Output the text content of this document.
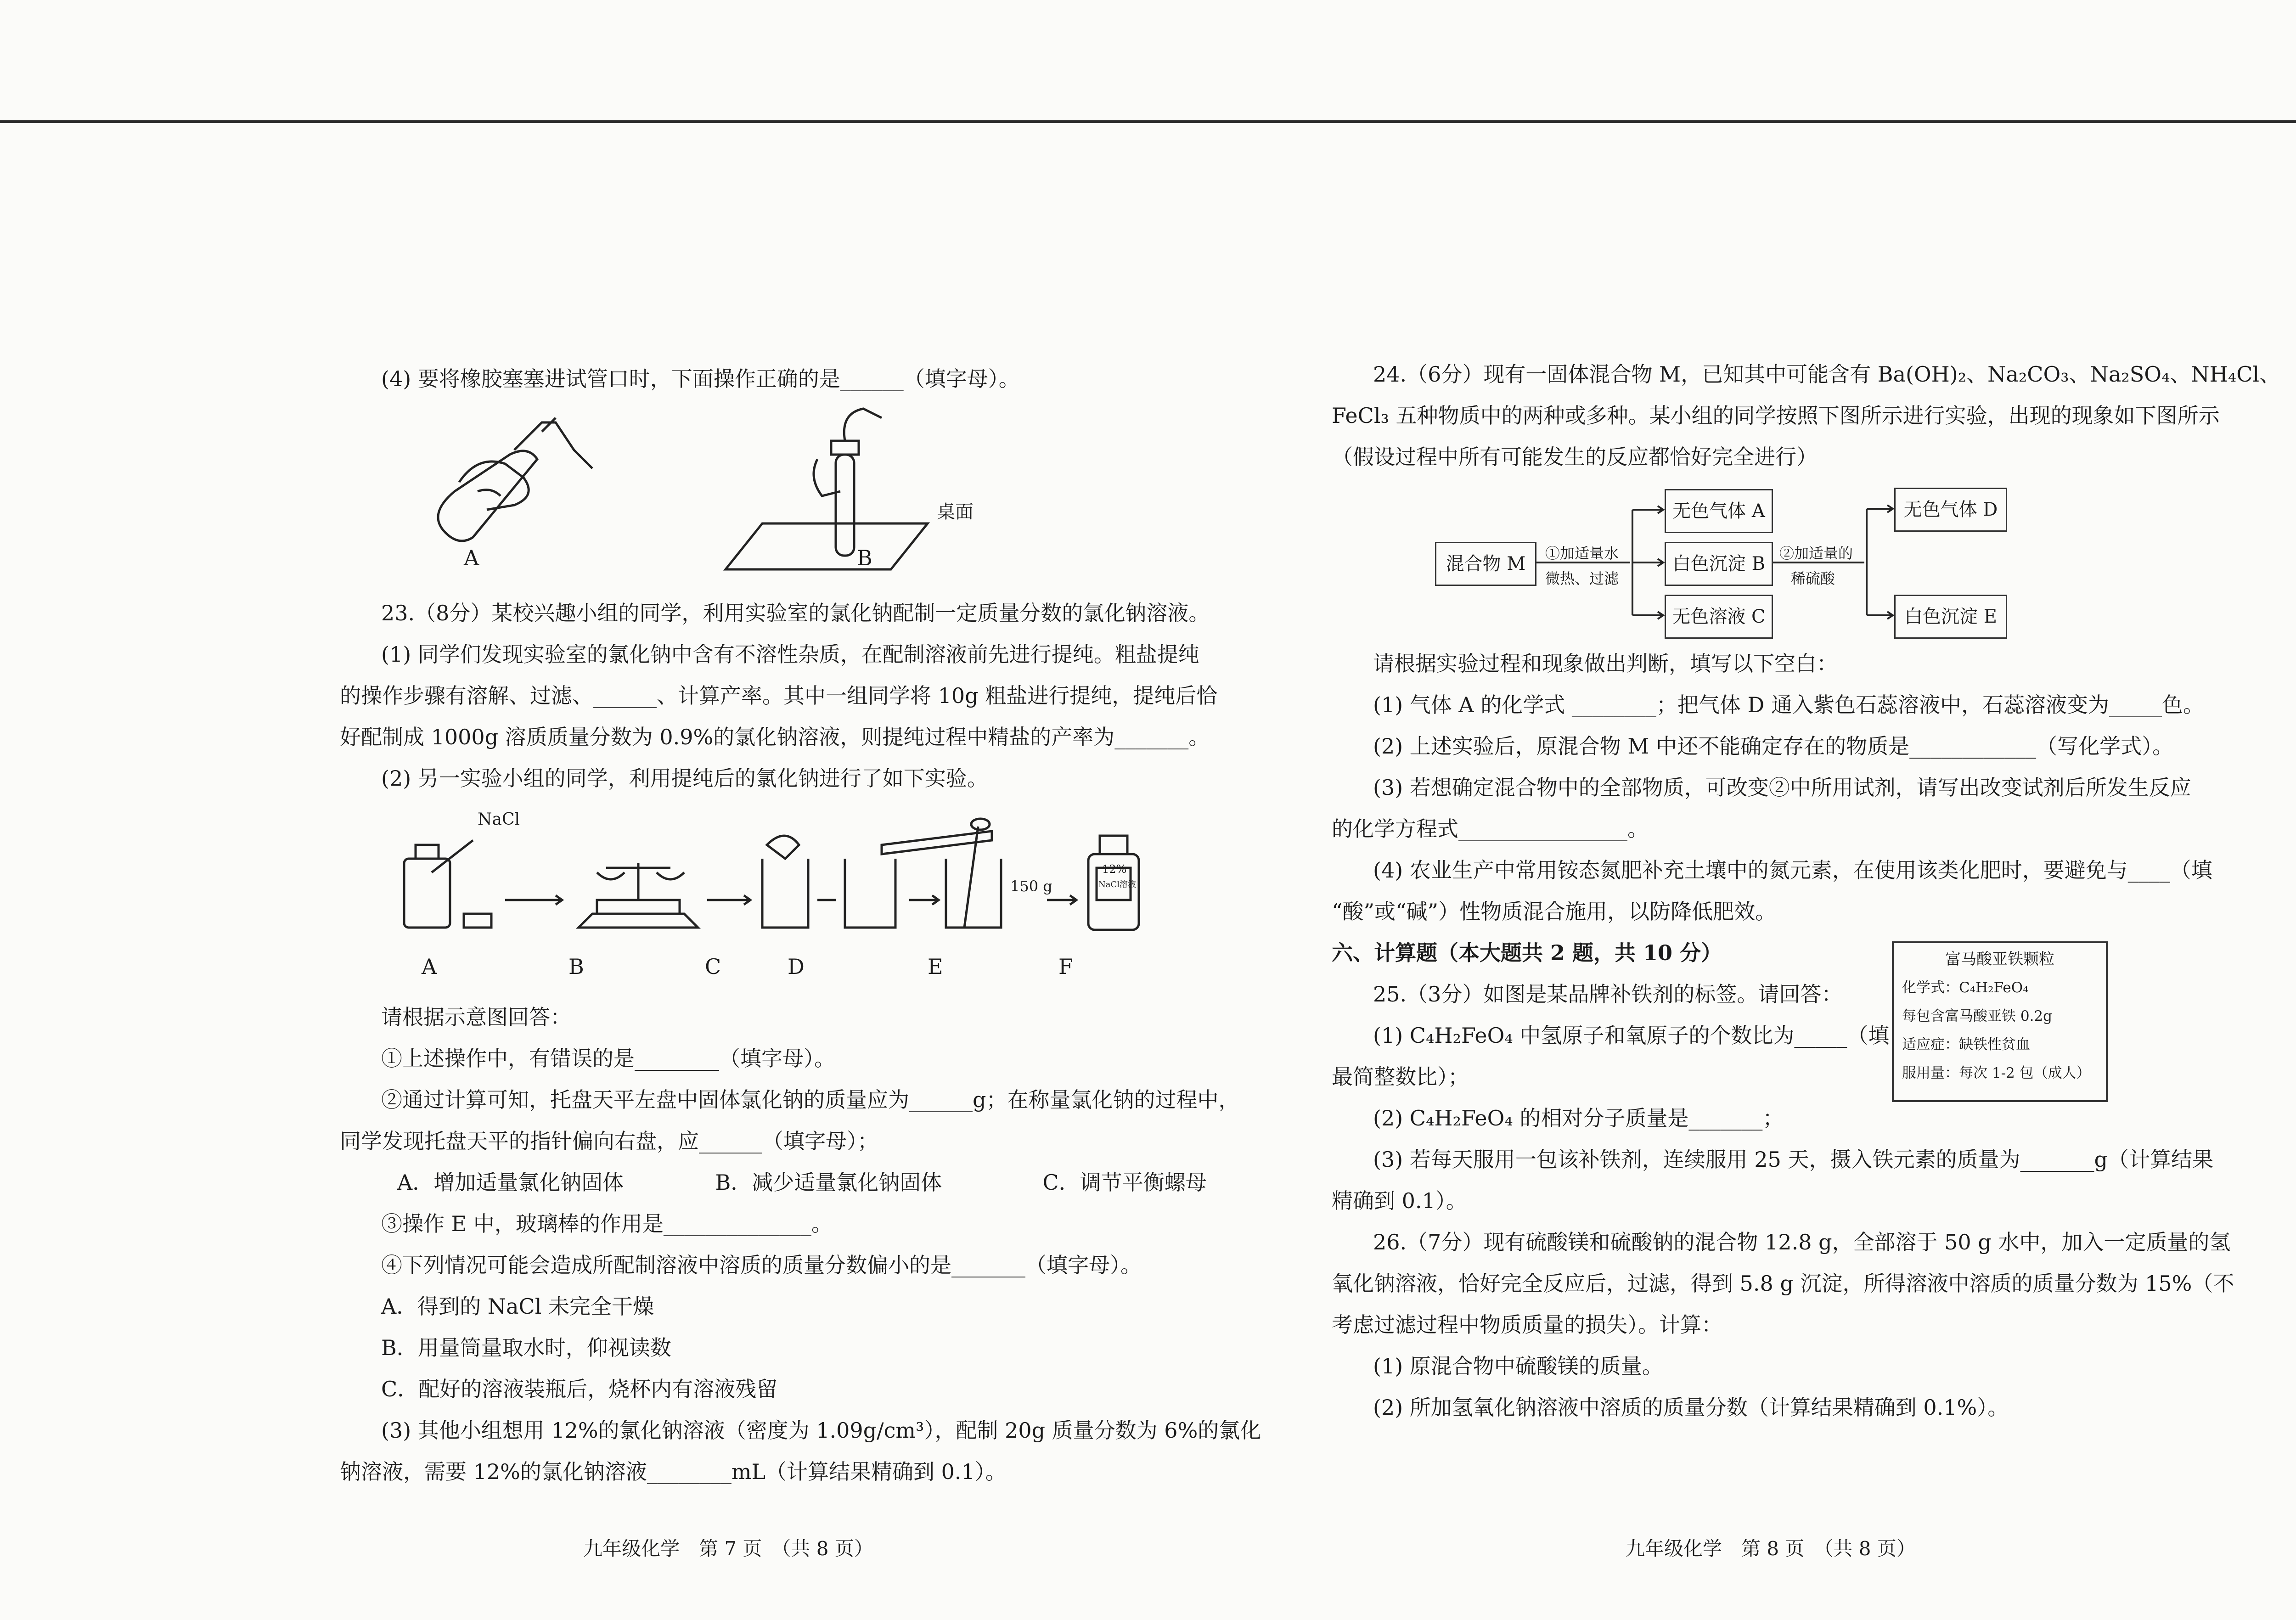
(4) 要将橡胶塞塞进试管口时，下面操作正确的是______（填字母）。

A	B
桌面

23.（8分）某校兴趣小组的同学，利用实验室的氯化钠配制一定质量分数的氯化钠溶液。

(1) 同学们发现实验室的氯化钠中含有不溶性杂质，在配制溶液前先进行提纯。粗盐提纯

的操作步骤有溶解、过滤、______、计算产率。其中一组同学将 10g 粗盐进行提纯，提纯后恰

好配制成 1000g 溶质质量分数为 0.9%的氯化钠溶液，则提纯过程中精盐的产率为_______。

(2) 另一实验小组的同学，利用提纯后的氯化钠进行了如下实验。

NaCl
150 g
12%
NaCl溶液
A	B	C	D	E	F

请根据示意图回答：

①上述操作中，有错误的是________（填字母）。

②通过计算可知，托盘天平左盘中固体氯化钠的质量应为______g；在称量氯化钠的过程中，

同学发现托盘天平的指针偏向右盘，应______（填字母）；

A．增加适量氯化钠固体	B．减少适量氯化钠固体	C．调节平衡螺母

③操作 E 中，玻璃棒的作用是______________。

④下列情况可能会造成所配制溶液中溶质的质量分数偏小的是_______（填字母）。

A．得到的 NaCl 未完全干燥

B．用量筒量取水时，仰视读数

C．配好的溶液装瓶后，烧杯内有溶液残留

(3) 其他小组想用 12%的氯化钠溶液（密度为 1.09g/cm³），配制 20g 质量分数为 6%的氯化

钠溶液，需要 12%的氯化钠溶液________mL（计算结果精确到 0.1）。

九年级化学　第 7 页　（共 8 页）

24.（6分）现有一固体混合物 M，已知其中可能含有 Ba(OH)₂、Na₂CO₃、Na₂SO₄、NH₄Cl、

FeCl₃ 五种物质中的两种或多种。某小组的同学按照下图所示进行实验，出现的现象如下图所示

（假设过程中所有可能发生的反应都恰好完全进行）

混合物 M	①加适量水
微热、过滤
无色气体 A
白色沉淀 B
无色溶液 C
②加适量的
稀硫酸
无色气体 D
白色沉淀 E

请根据实验过程和现象做出判断，填写以下空白：

(1) 气体 A 的化学式 ________；把气体 D 通入紫色石蕊溶液中，石蕊溶液变为_____色。

(2) 上述实验后，原混合物 M 中还不能确定存在的物质是____________（写化学式）。

(3) 若想确定混合物中的全部物质，可改变②中所用试剂，请写出改变试剂后所发生反应

的化学方程式________________。

(4) 农业生产中常用铵态氮肥补充土壤中的氮元素，在使用该类化肥时，要避免与____（填

“酸”或“碱”）性物质混合施用，以防降低肥效。

六、计算题（本大题共 2 题，共 10 分）

25.（3分）如图是某品牌补铁剂的标签。请回答：

(1) C₄H₂FeO₄ 中氢原子和氧原子的个数比为_____（填

最简整数比）；

(2) C₄H₂FeO₄ 的相对分子质量是_______；

(3) 若每天服用一包该补铁剂，连续服用 25 天，摄入铁元素的质量为_______g（计算结果

精确到 0.1）。

26.（7分）现有硫酸镁和硫酸钠的混合物 12.8 g，全部溶于 50 g 水中，加入一定质量的氢

氧化钠溶液，恰好完全反应后，过滤，得到 5.8 g 沉淀，所得溶液中溶质的质量分数为 15%（不

考虑过滤过程中物质质量的损失）。计算：

(1) 原混合物中硫酸镁的质量。

(2) 所加氢氧化钠溶液中溶质的质量分数（计算结果精确到 0.1%）。

富马酸亚铁颗粒
化学式：C₄H₂FeO₄
每包含富马酸亚铁 0.2g
适应症：缺铁性贫血
服用量：每次 1-2 包（成人）
九年级化学　第 8 页　（共 8 页）
